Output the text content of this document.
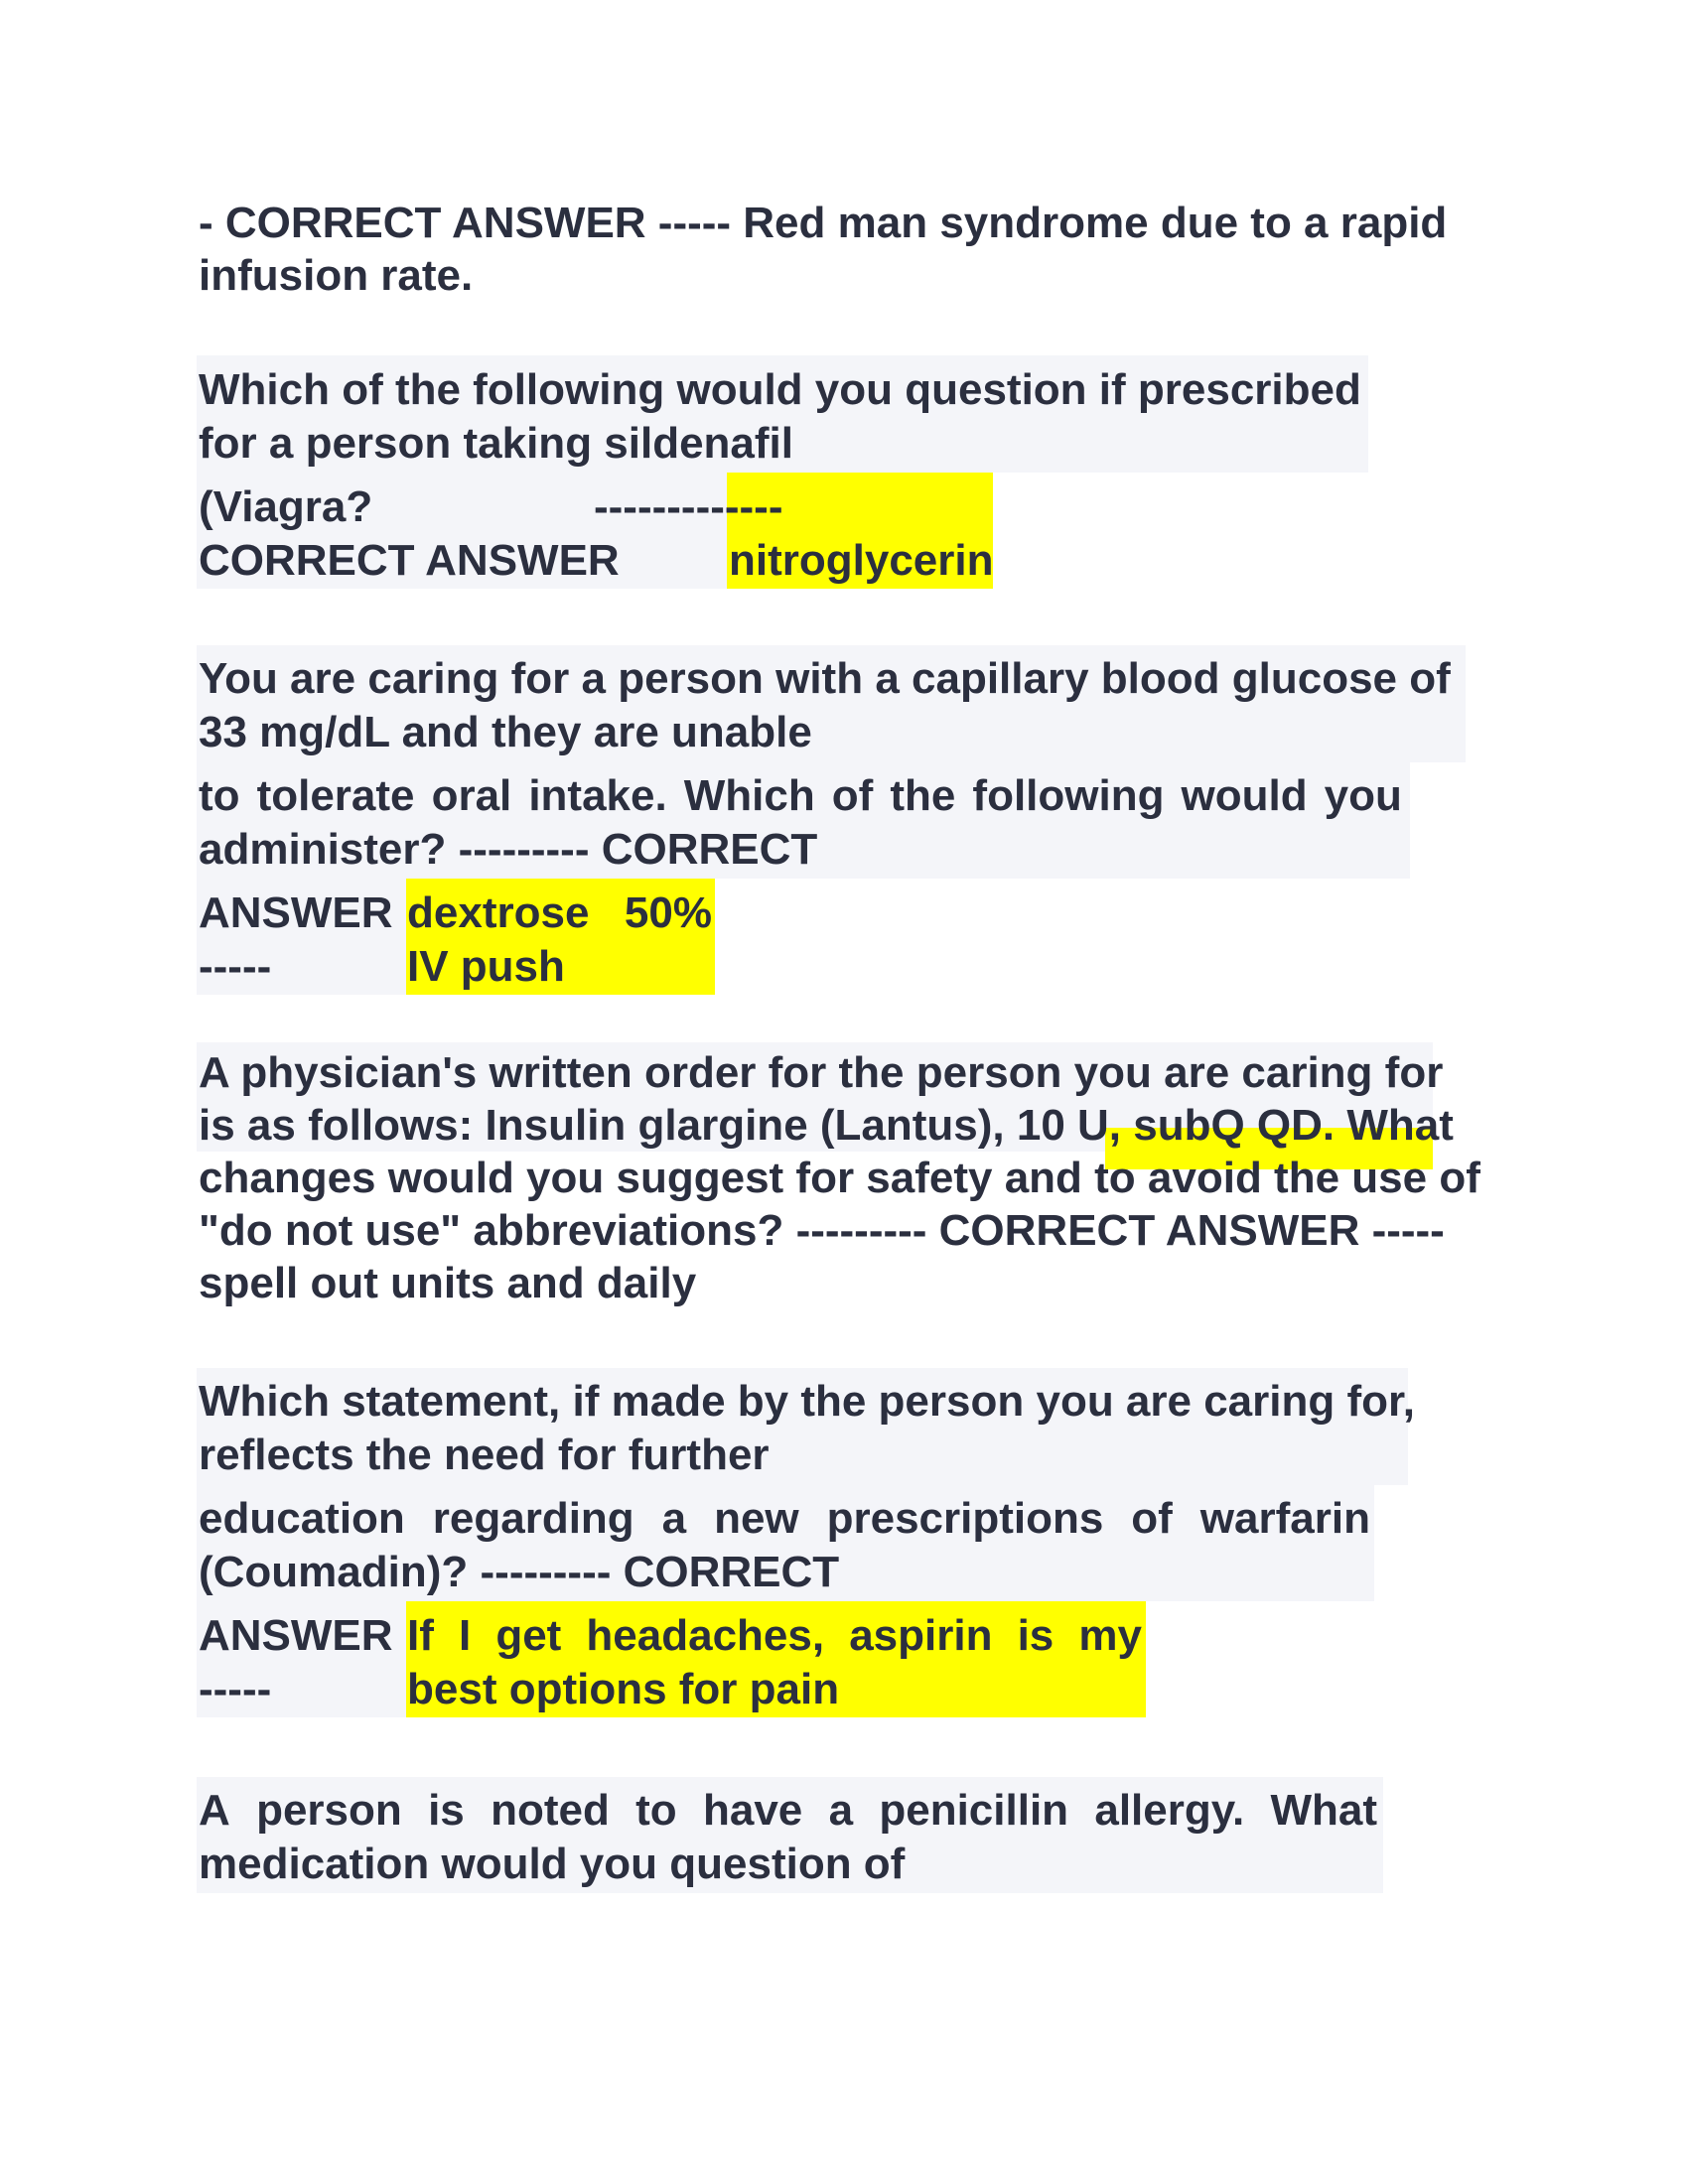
- CORRECT ANSWER ----- Red man syndrome due to a rapid

infusion rate.

Which of the following would you question if prescribed

for a person taking sildenafil

(Viagra?	-------------

CORRECT ANSWER	nitroglycerin

You are caring for a person with a capillary blood glucose of

33 mg/dL and they are unable

to tolerate oral intake. Which of the following would you

administer? --------- CORRECT

ANSWER

-----

dextrose 50%

IV push

A physician's written order for the person you are caring for

is as follows: Insulin glargine (Lantus), 10 U, subQ QD. What

changes would you suggest for safety and to avoid the use of

"do not use" abbreviations? --------- CORRECT ANSWER -----

spell out units and daily

Which statement, if made by the person you are caring for,

reflects the need for further

education regarding a new prescriptions of warfarin

(Coumadin)? --------- CORRECT

ANSWER

-----

If I get headaches, aspirin is my

best options for pain

A person is noted to have a penicillin allergy. What

medication would you question of
